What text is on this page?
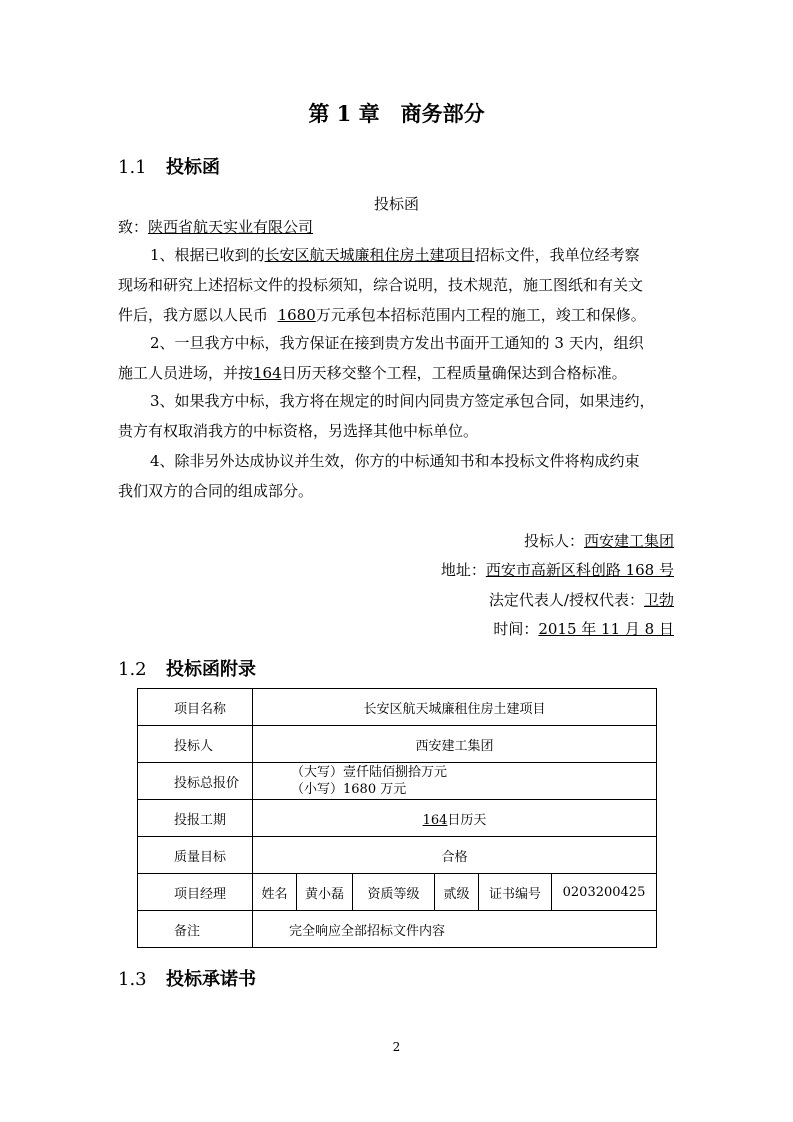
第 1 章　商务部分
1.1 投标函
投标函
致：陕西省航天实业有限公司
1、根据已收到的长安区航天城廉租住房土建项目招标文件，我单位经考察
现场和研究上述招标文件的投标须知，综合说明，技术规范，施工图纸和有关文
件后，我方愿以人民币 1680万元承包本招标范围内工程的施工，竣工和保修。
2、一旦我方中标，我方保证在接到贵方发出书面开工通知的 3 天内，组织
施工人员进场，并按164日历天移交整个工程，工程质量确保达到合格标准。
3、如果我方中标，我方将在规定的时间内同贵方签定承包合同，如果违约，
贵方有权取消我方的中标资格，另选择其他中标单位。
4、除非另外达成协议并生效，你方的中标通知书和本投标文件将构成约束
我们双方的合同的组成部分。
投标人：西安建工集团
地址：西安市高新区科创路 168 号
法定代表人/授权代表：卫勃
时间：2015 年 11 月 8 日
1.2 投标函附录
项目名称	长安区航天城廉租住房土建项目					
投标人	西安建工集团					
投标总报价	（大写）壹仟陆佰捌拾万元
（小写）1680 万元					

投报工期	164日历天					
质量目标	合格					
项目经理	姓名	黄小磊	资质等级	贰级	证书编号	0203200425
备注	完全响应全部招标文件内容					
1.3 投标承诺书
2
